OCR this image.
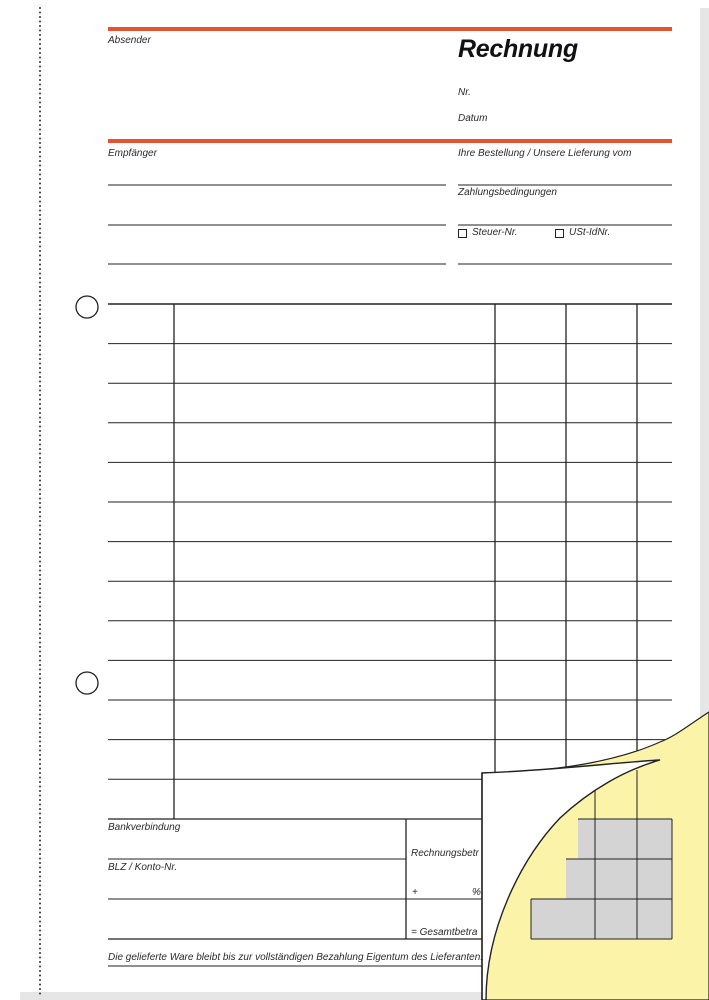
Absender	Rechnung
Nr.
Datum
Empfänger	Ihre Bestellung / Unsere Lieferung vom
Zahlungsbedingungen
Steuer-Nr.	USt-IdNr.
Bankverbindung
BLZ / Konto-Nr.
Rechnungsbetr
+	%
= Gesamtbetra
Die gelieferte Ware bleibt bis zur vollständigen Bezahlung Eigentum des Lieferanten.
